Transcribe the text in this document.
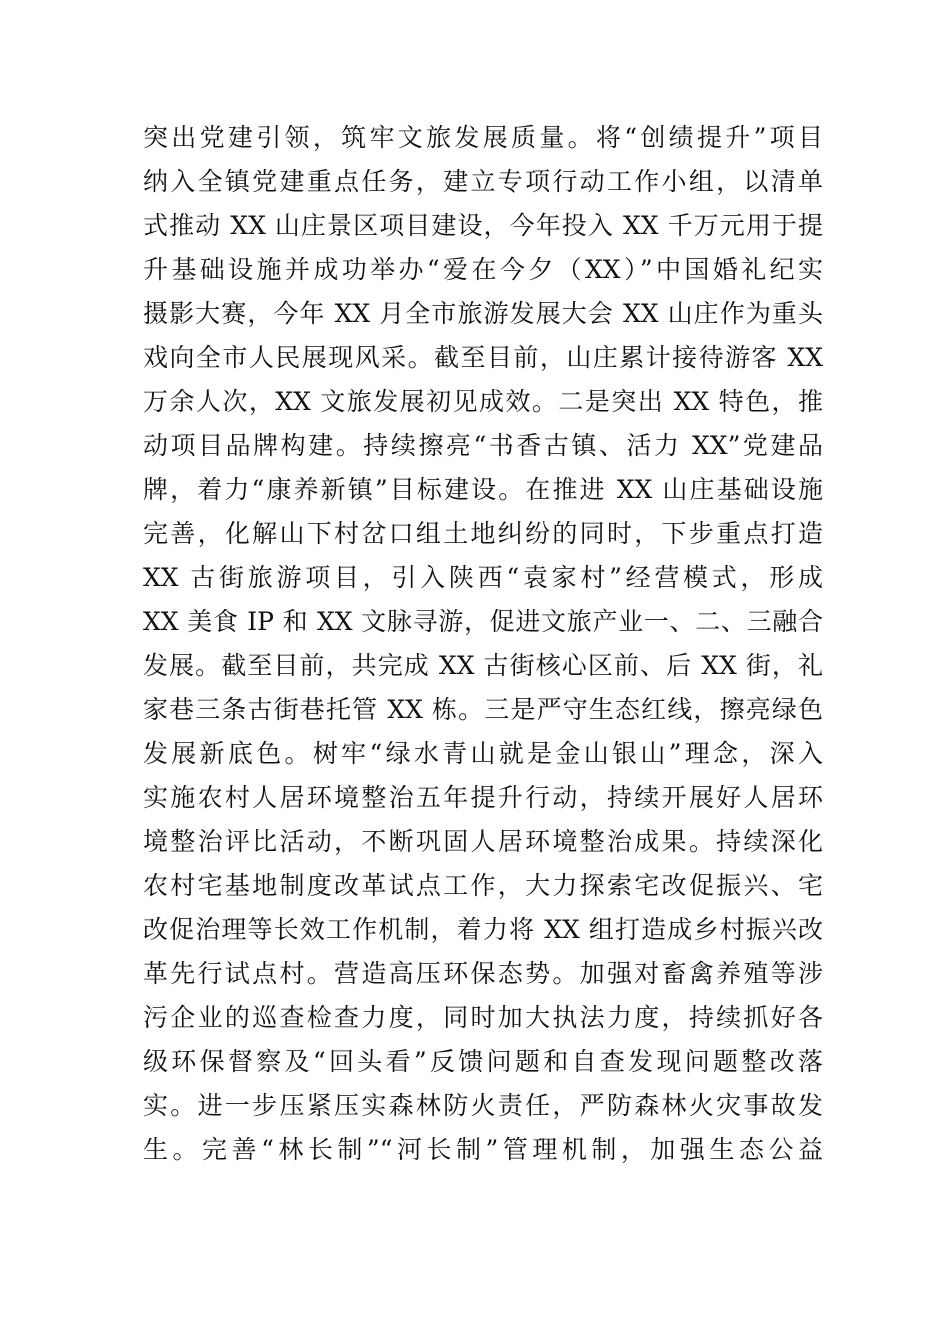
突出党建引领，筑牢文旅发展质量。将“创绩提升”项目
纳入全镇党建重点任务，建立专项行动工作小组，以清单
式推动 XX 山庄景区项目建设，今年投入 XX 千万元用于提
升基础设施并成功举办“爱在今夕（XX）”中国婚礼纪实
摄影大赛，今年 XX 月全市旅游发展大会 XX 山庄作为重头
戏向全市人民展现风采。截至目前，山庄累计接待游客 XX
万余人次，XX 文旅发展初见成效。二是突出 XX 特色，推
动项目品牌构建。持续擦亮“书香古镇、活力 XX”党建品
牌，着力“康养新镇”目标建设。在推进 XX 山庄基础设施
完善，化解山下村岔口组土地纠纷的同时，下步重点打造
XX 古街旅游项目，引入陕西“袁家村”经营模式，形成
XX 美食 IP 和 XX 文脉寻游，促进文旅产业一、二、三融合
发展。截至目前，共完成 XX 古街核心区前、后 XX 街，礼
家巷三条古街巷托管 XX 栋。三是严守生态红线，擦亮绿色
发展新底色。树牢“绿水青山就是金山银山”理念，深入
实施农村人居环境整治五年提升行动，持续开展好人居环
境整治评比活动，不断巩固人居环境整治成果。持续深化
农村宅基地制度改革试点工作，大力探索宅改促振兴、宅
改促治理等长效工作机制，着力将 XX 组打造成乡村振兴改
革先行试点村。营造高压环保态势。加强对畜禽养殖等涉
污企业的巡查检查力度，同时加大执法力度，持续抓好各
级环保督察及“回头看”反馈问题和自查发现问题整改落
实。进一步压紧压实森林防火责任，严防森林火灾事故发
生。完善“林长制”“河长制”管理机制，加强生态公益
